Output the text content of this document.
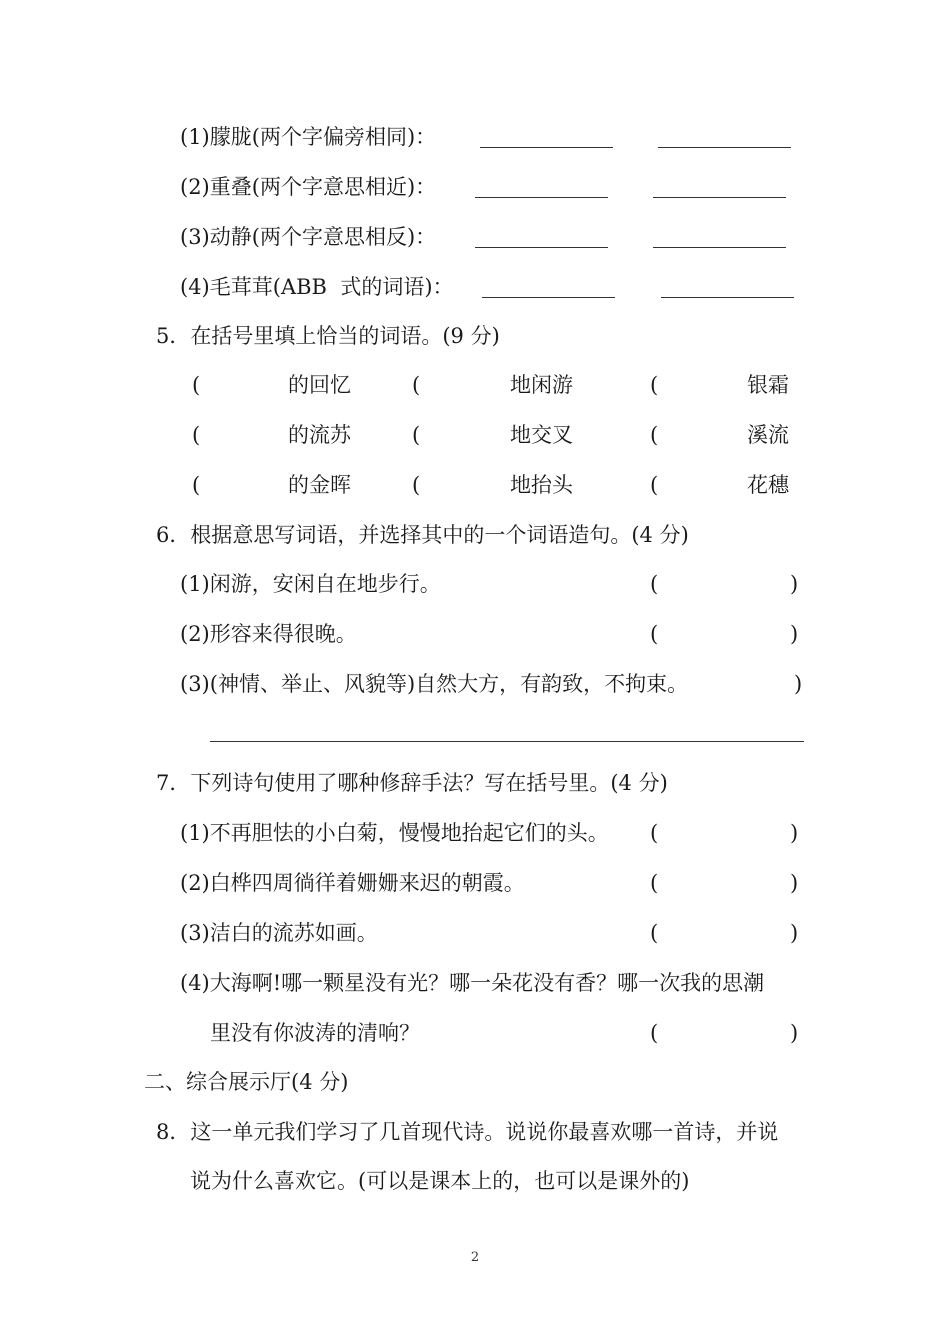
(1)朦胧(两个字偏旁相同)：
(2)重叠(两个字意思相近)：
(3)动静(两个字意思相反)：
(4)毛茸茸(ABB  式的词语)：
5．在括号里填上恰当的词语。(9 分)
(	的回忆	(	地闲游	(	银霜
(	的流苏	(	地交叉	(	溪流
(	的金晖	(	地抬头	(	花穗
6．根据意思写词语，并选择其中的一个词语造句。(4 分)
(1)闲游，安闲自在地步行。	(	)
(2)形容来得很晚。	(	)
(3)(神情、举止、风貌等)自然大方，有韵致，不拘束。	)
7．下列诗句使用了哪种修辞手法？写在括号里。(4 分)
(1)不再胆怯的小白菊，慢慢地抬起它们的头。 (	)
(2)白桦四周徜徉着姗姗来迟的朝霞。	(	)
(3)洁白的流苏如画。	(	)
(4)大海啊!哪一颗星没有光？哪一朵花没有香？哪一次我的思潮
里没有你波涛的清响？	(	)
二、综合展示厅(4 分)
8．这一单元我们学习了几首现代诗。说说你最喜欢哪一首诗，并说
说为什么喜欢它。(可以是课本上的，也可以是课外的)
2
